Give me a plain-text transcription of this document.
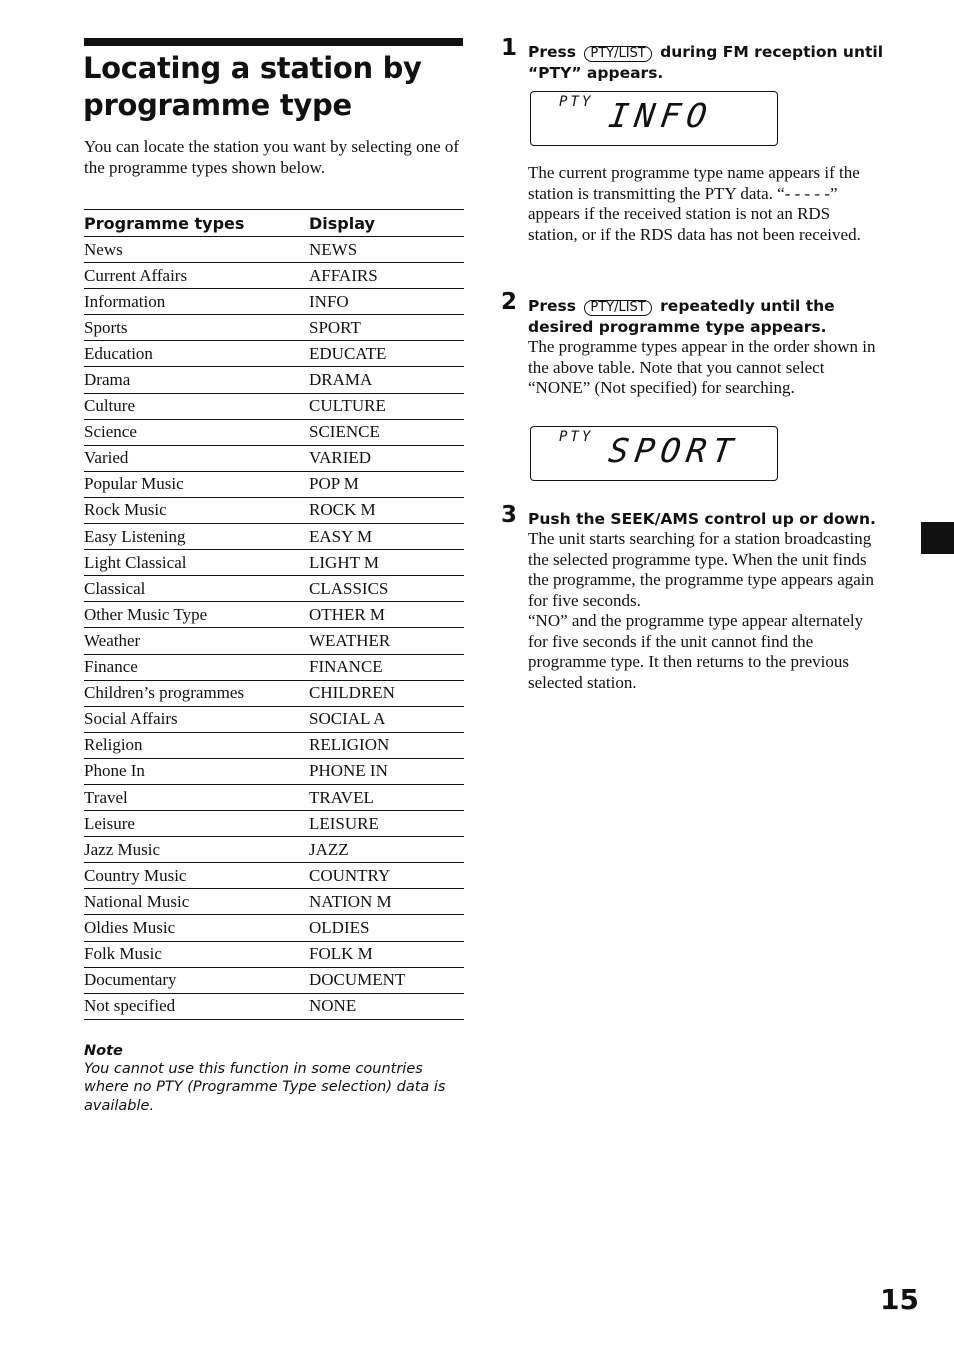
Locating a station by programme type
You can locate the station you want by selecting one of the programme types shown below.
Programme types	Display
News	NEWS
Current Affairs	AFFAIRS
Information	INFO
Sports	SPORT
Education	EDUCATE
Drama	DRAMA
Culture	CULTURE
Science	SCIENCE
Varied	VARIED
Popular Music	POP M
Rock Music	ROCK M
Easy Listening	EASY M
Light Classical	LIGHT M
Classical	CLASSICS
Other Music Type	OTHER M
Weather	WEATHER
Finance	FINANCE
Children’s programmes	CHILDREN
Social Affairs	SOCIAL A
Religion	RELIGION
Phone In	PHONE IN
Travel	TRAVEL
Leisure	LEISURE
Jazz Music	JAZZ
Country Music	COUNTRY
National Music	NATION M
Oldies Music	OLDIES
Folk Music	FOLK M
Documentary	DOCUMENT
Not specified	NONE
Note
You cannot use this function in some countries where no PTY (Programme Type selection) data is available.
1 Press PTY/LIST during FM reception until “PTY” appears.
PTY INFO
The current programme type name appears if the station is transmitting the PTY data. “- - - - -” appears if the received station is not an RDS station, or if the RDS data has not been received.
2 Press PTY/LIST repeatedly until the desired programme type appears.
The programme types appear in the order shown in the above table. Note that you cannot select “NONE” (Not specified) for searching.
PTY SPORT
3 Push the SEEK/AMS control up or down.
The unit starts searching for a station broadcasting the selected programme type. When the unit finds the programme, the programme type appears again for five seconds.
“NO” and the programme type appear alternately for five seconds if the unit cannot find the programme type. It then returns to the previous selected station.
15
